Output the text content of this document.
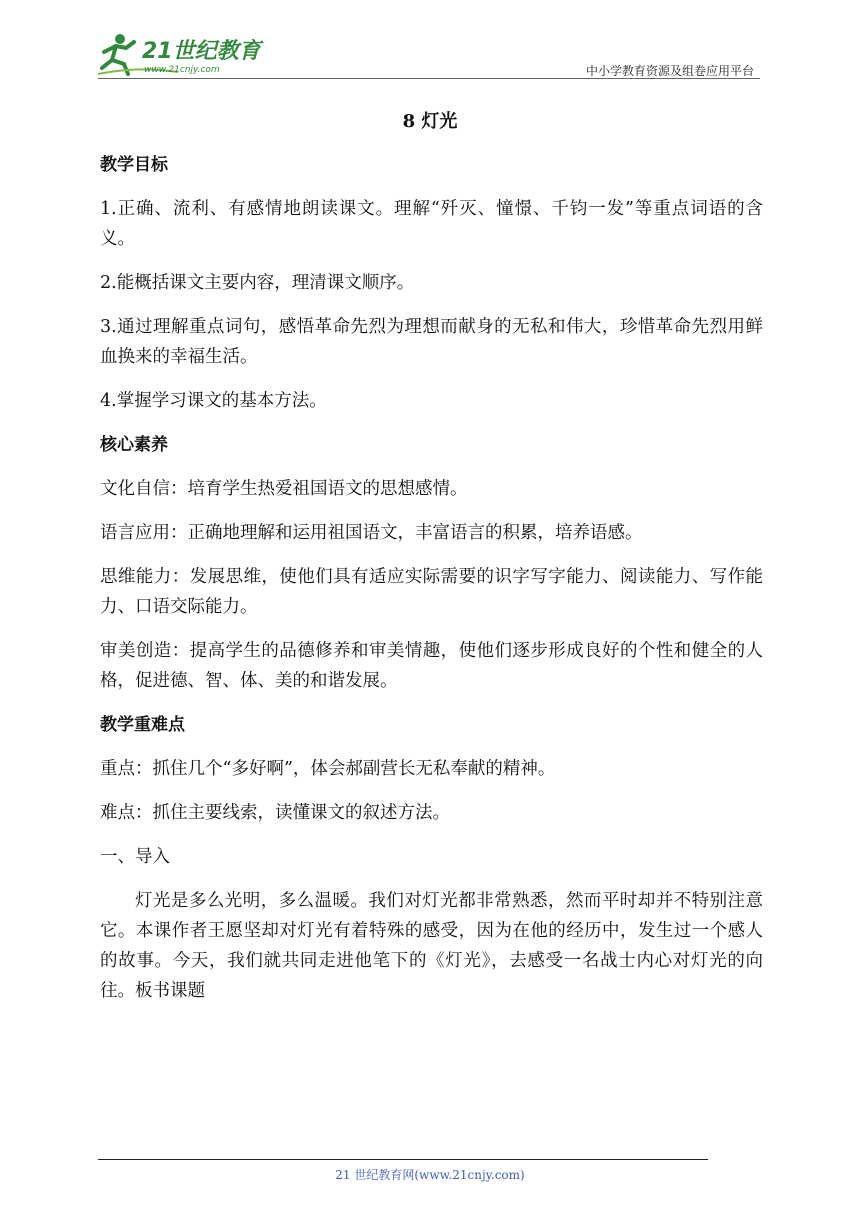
21世纪教育
www.21cnjy.com	中小学教育资源及组卷应用平台
8 灯光

教学目标

1.正确、流利、有感情地朗读课文。理解“歼灭、憧憬、千钧一发”等重点词语的含义。

2.能概括课文主要内容，理清课文顺序。

3.通过理解重点词句，感悟革命先烈为理想而献身的无私和伟大，珍惜革命先烈用鲜血换来的幸福生活。

4.掌握学习课文的基本方法。

核心素养

文化自信：培育学生热爱祖国语文的思想感情。

语言应用：正确地理解和运用祖国语文，丰富语言的积累，培养语感。

思维能力：发展思维，使他们具有适应实际需要的识字写字能力、阅读能力、写作能力、口语交际能力。

审美创造：提高学生的品德修养和审美情趣，使他们逐步形成良好的个性和健全的人格，促进德、智、体、美的和谐发展。

教学重难点

重点：抓住几个“多好啊”，体会郝副营长无私奉献的精神。

难点：抓住主要线索，读懂课文的叙述方法。

一、导入

灯光是多么光明，多么温暖。我们对灯光都非常熟悉，然而平时却并不特别注意它。本课作者王愿坚却对灯光有着特殊的感受，因为在他的经历中，发生过一个感人的故事。今天，我们就共同走进他笔下的《灯光》，去感受一名战士内心对灯光的向往。板书课题

21 世纪教育网(www.21cnjy.com)
